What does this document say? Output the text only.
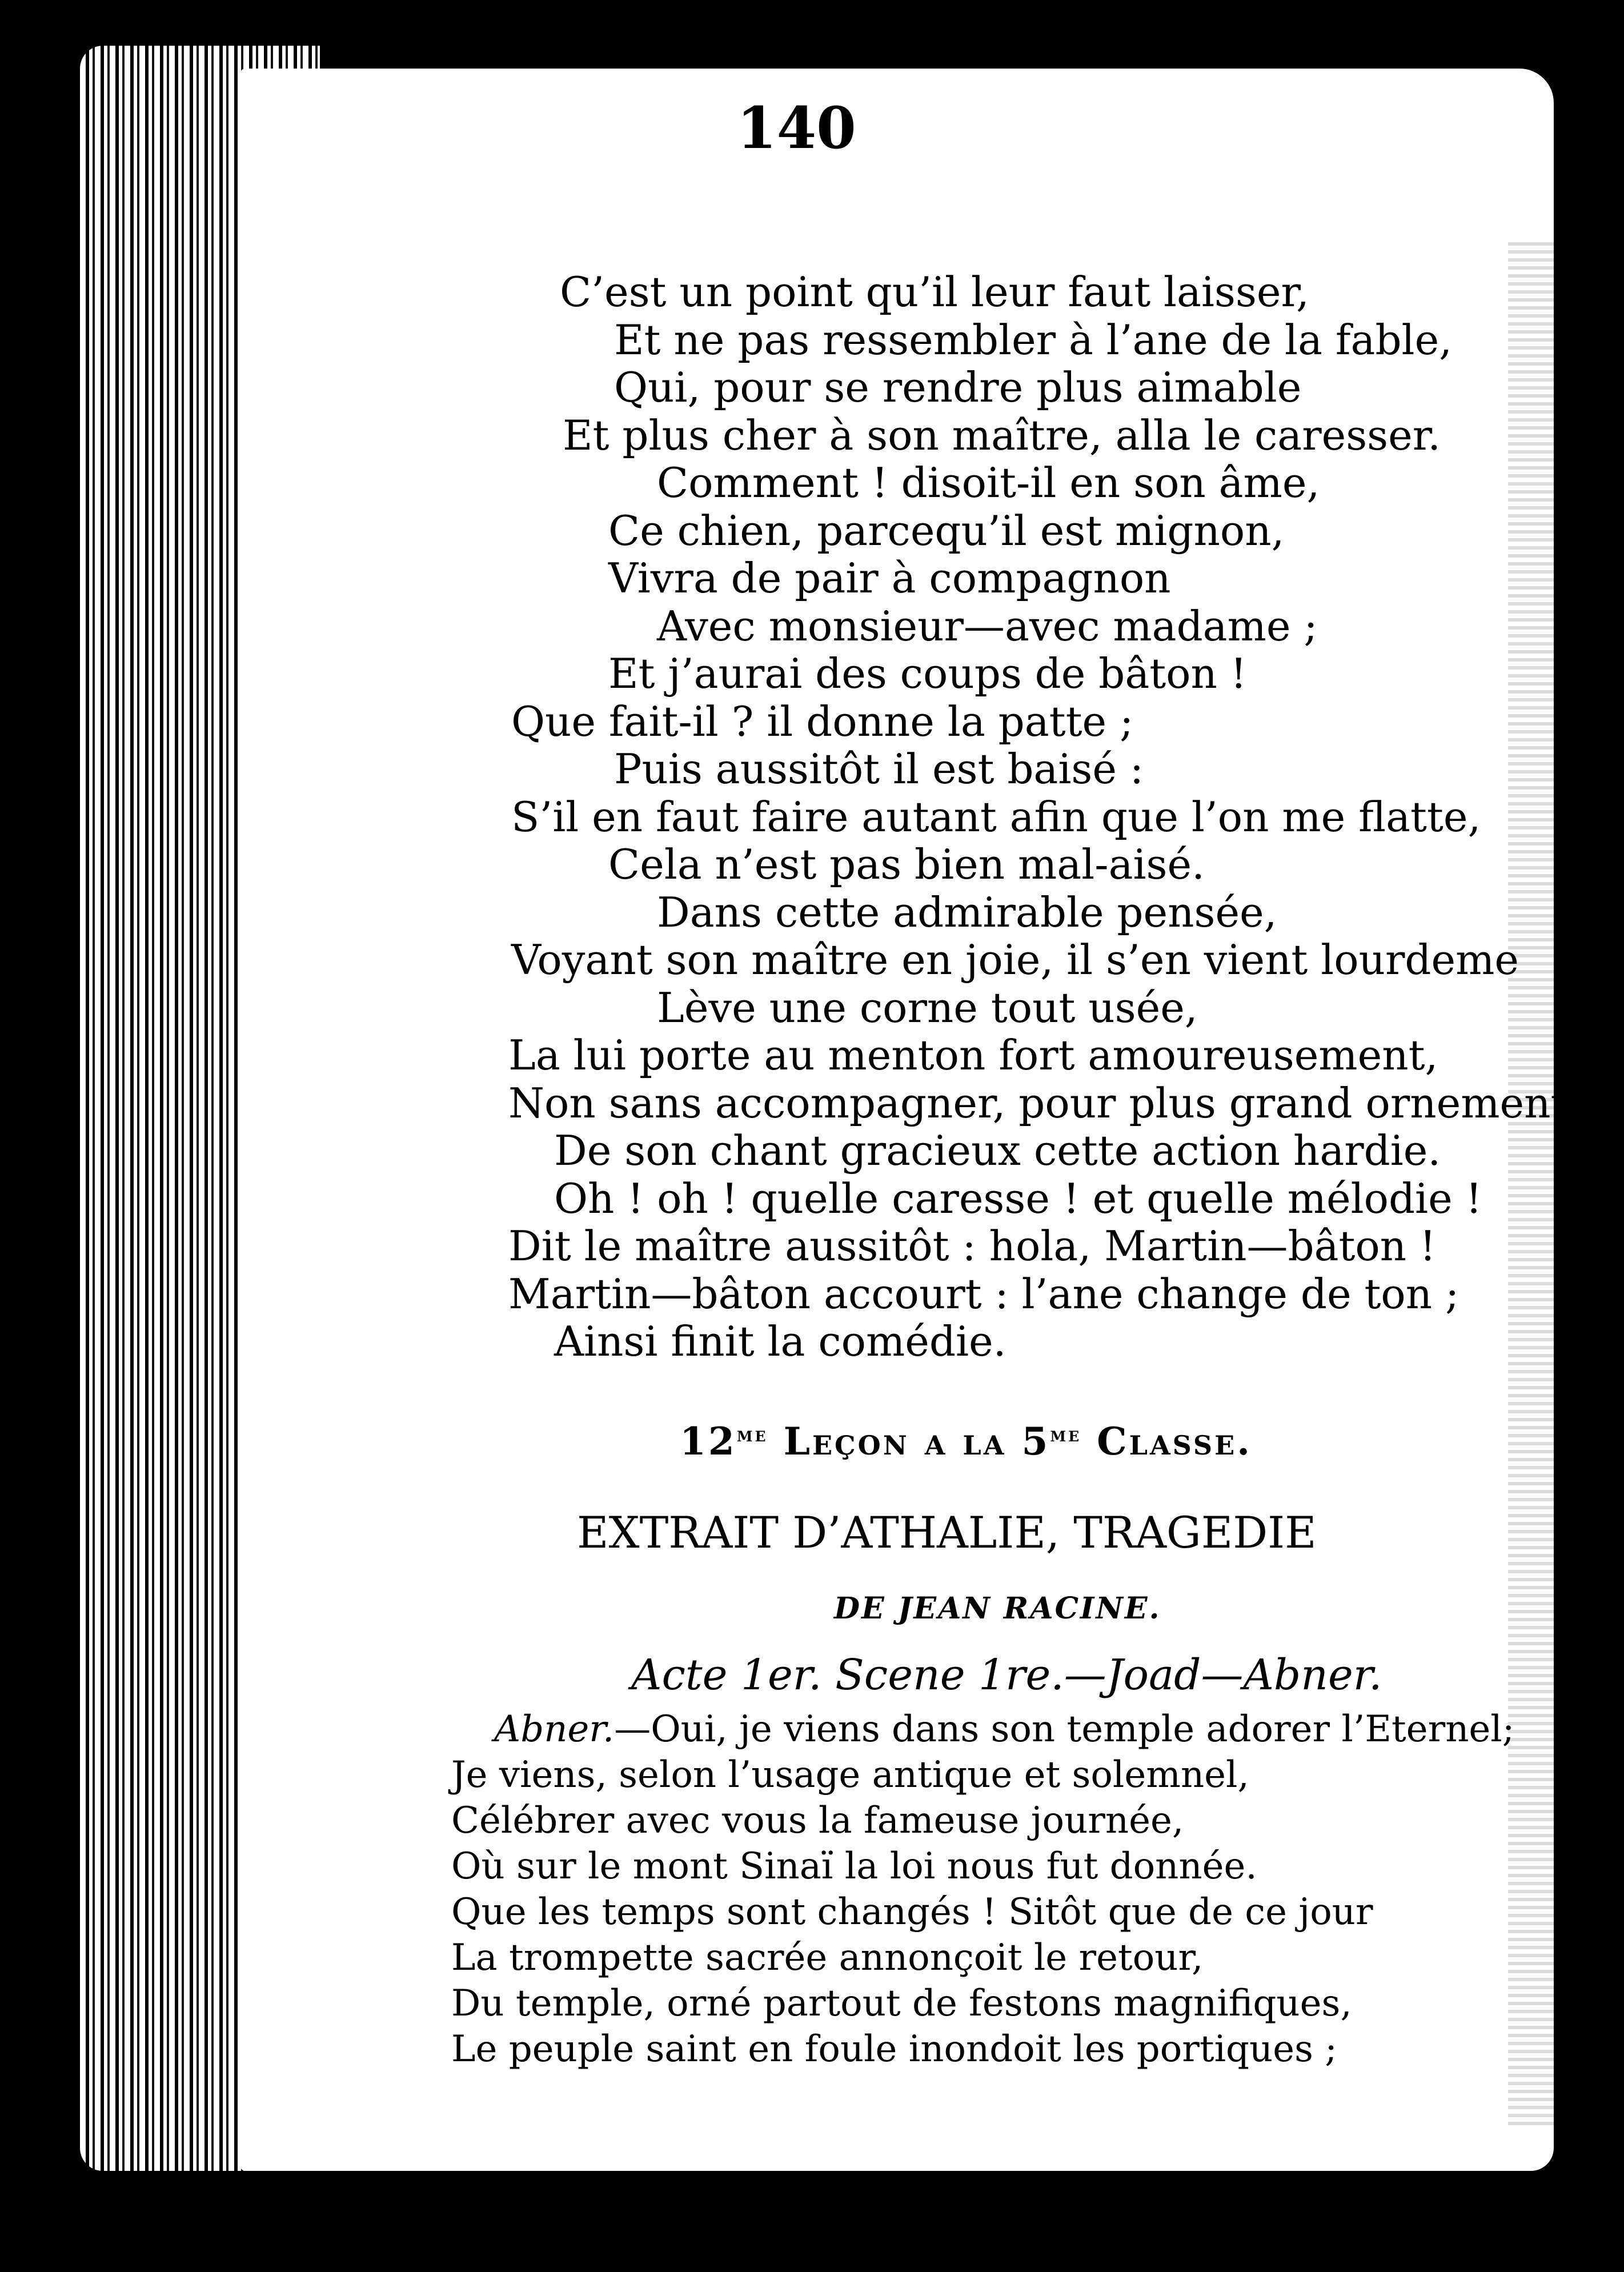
140
C’est un point qu’il leur faut laisser,
Et ne pas ressembler à l’ane de la fable,
Qui, pour se rendre plus aimable
Et plus cher à son maître, alla le caresser.
Comment ! disoit-il en son âme,
Ce chien, parcequ’il est mignon,
Vivra de pair à compagnon
Avec monsieur—avec madame ;
Et j’aurai des coups de bâton !
Que fait-il ? il donne la patte ;
Puis aussitôt il est baisé :
S’il en faut faire autant afin que l’on me flatte,
Cela n’est pas bien mal-aisé.
Dans cette admirable pensée,
Voyant son maître en joie, il s’en vient lourdeme
Lève une corne tout usée,
La lui porte au menton fort amoureusement,
Non sans accompagner, pour plus grand ornement
De son chant gracieux cette action hardie.
Oh ! oh ! quelle caresse ! et quelle mélodie !
Dit le maître aussitôt : hola, Martin—bâton !
Martin—bâton accourt : l’ane change de ton ;
Ainsi finit la comédie.
$12^{me}$ Leçon a la $5^{me}$ Classe.
EXTRAIT D’ATHALIE, TRAGEDIE
DE JEAN RACINE.
Acte 1er. Scene 1re.—Joad—Abner.
Abner.—Oui, je viens dans son temple adorer l’Eternel;
Je viens, selon l’usage antique et solemnel,
Célébrer avec vous la fameuse journée,
Où sur le mont Sinaï la loi nous fut donnée.
Que les temps sont changés ! Sitôt que de ce jour
La trompette sacrée annonçoit le retour,
Du temple, orné partout de festons magnifiques,
Le peuple saint en foule inondoit les portiques ;
